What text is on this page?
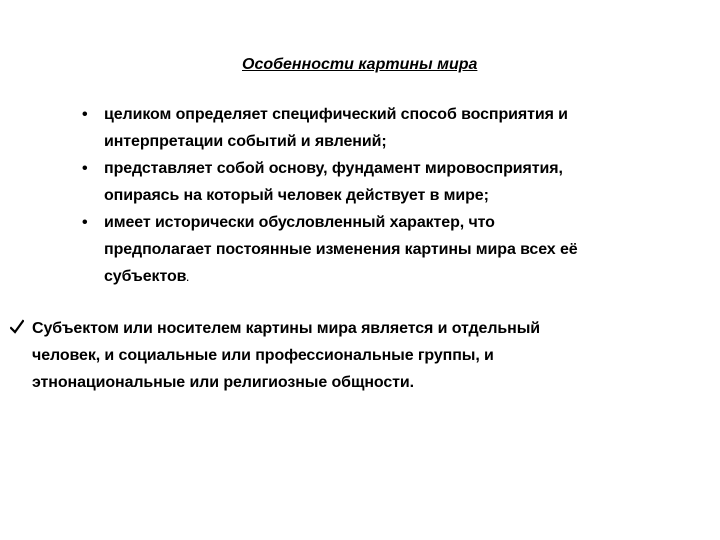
Особенности картины мира
• целиком определяет специфический способ восприятия и
интерпретации событий и явлений;
• представляет собой основу, фундамент мировосприятия,
опираясь на который человек действует в мире;
• имеет исторически обусловленный характер, что
предполагает постоянные изменения картины мира всех её
субъектов.
Субъектом или носителем картины мира является и отдельный
человек, и социальные или профессиональные группы, и
этнонациональные или религиозные общности.
